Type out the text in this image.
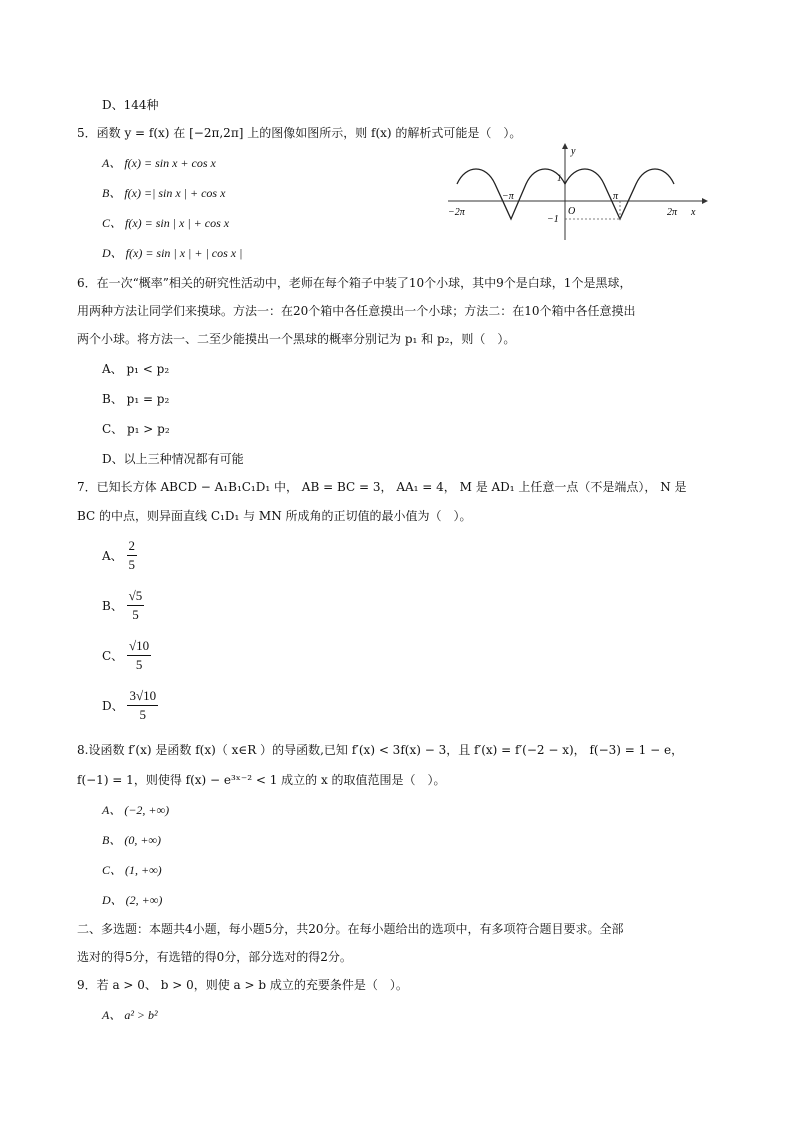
D、144种
5．函数 y = f(x) 在 [−2π,2π] 上的图像如图所示，则 f(x) 的解析式可能是（　）。
A、 f(x) = sin x + cos x
B、 f(x) =| sin x | + cos x
C、 f(x) = sin | x | + cos x
D、 f(x) = sin | x | + | cos x |
y
x
O
−2π
−π	π
2π
−1
1
6．在一次“概率”相关的研究性活动中，老师在每个箱子中装了10个小球，其中9个是白球，1个是黑球，
用两种方法让同学们来摸球。方法一：在20个箱中各任意摸出一个小球；方法二：在10个箱中各任意摸出
两个小球。将方法一、二至少能摸出一个黑球的概率分别记为 p₁ 和 p₂，则（　）。
A、 p₁ < p₂
B、 p₁ = p₂
C、 p₁ > p₂
D、以上三种情况都有可能
7．已知长方体 ABCD − A₁B₁C₁D₁ 中， AB = BC = 3， AA₁ = 4， M 是 AD₁ 上任意一点（不是端点）， N 是
BC 的中点，则异面直线 C₁D₁ 与 MN 所成角的正切值的最小值为（　）。
A、 $\frac{2}{5}$
B、 $\frac{√5}{5}$
C、 $\frac{√10}{5}$
D、 $\frac{3√10}{5}$
8.设函数 f′(x) 是函数 f(x)（ x∈R ）的导函数,已知 f′(x) < 3f(x) − 3，且 f′(x) = f′(−2 − x)， f(−3) = 1 − e，
f(−1) = 1，则使得 f(x) − e³ˣ⁻² < 1 成立的 x 的取值范围是（　）。
A、 (−2, +∞)
B、 (0, +∞)
C、 (1, +∞)
D、 (2, +∞)
二、多选题：本题共4小题，每小题5分，共20分。在每小题给出的选项中，有多项符合题目要求。全部
选对的得5分，有选错的得0分，部分选对的得2分。
9．若 a > 0、 b > 0，则使 a > b 成立的充要条件是（　）。
A、 a² > b²
